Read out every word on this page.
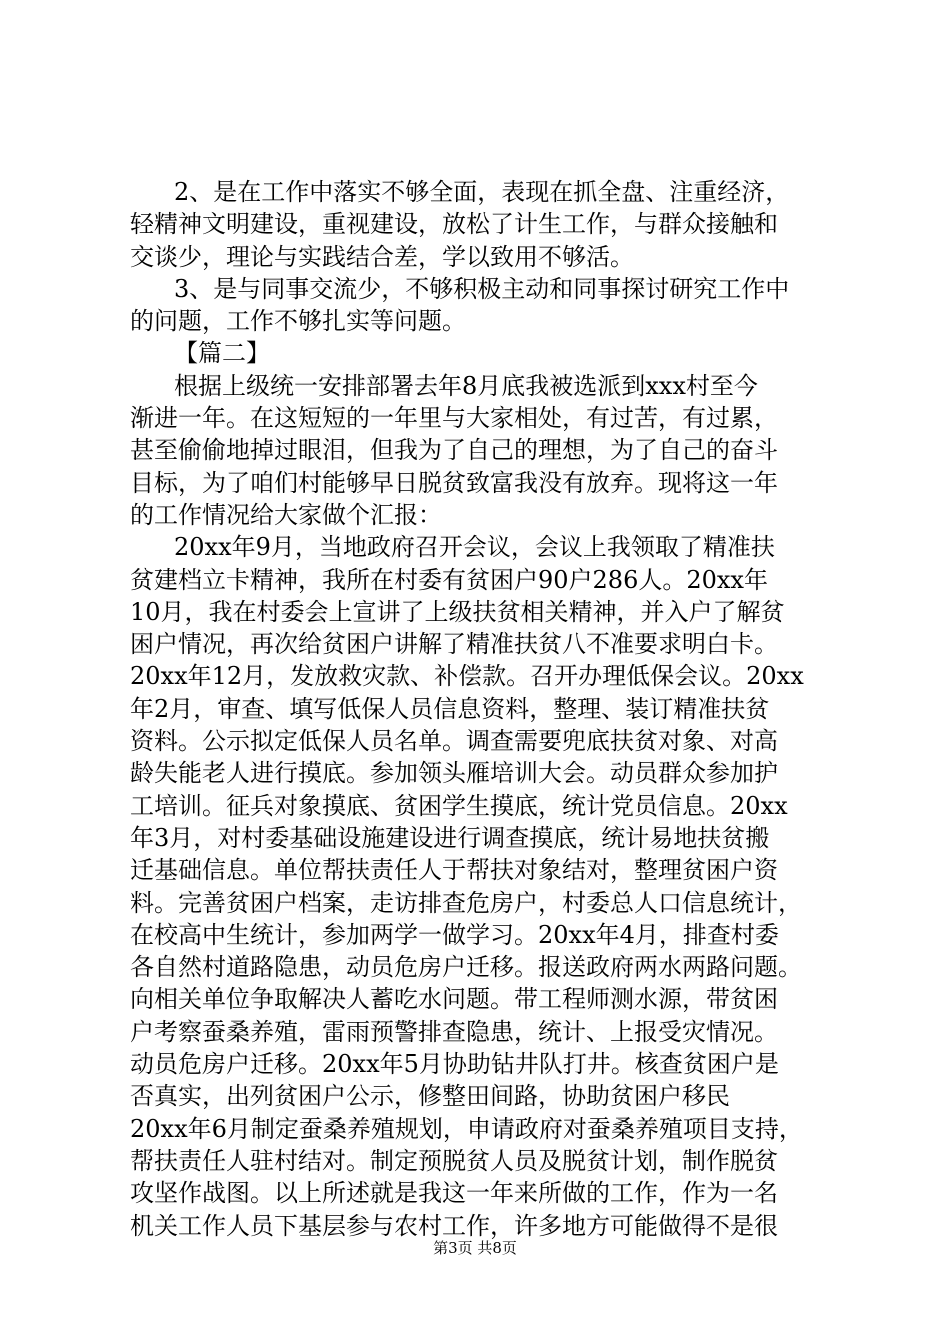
2、是在工作中落实不够全面，表现在抓全盘、注重经济，
轻精神文明建设，重视建设，放松了计生工作，与群众接触和
交谈少，理论与实践结合差，学以致用不够活。
3、是与同事交流少，不够积极主动和同事探讨研究工作中
的问题，工作不够扎实等问题。
【篇二】
根据上级统一安排部署去年8月底我被选派到xxx村至今
渐进一年。在这短短的一年里与大家相处，有过苦，有过累，
甚至偷偷地掉过眼泪，但我为了自己的理想，为了自己的奋斗
目标，为了咱们村能够早日脱贫致富我没有放弃。现将这一年
的工作情况给大家做个汇报：
20xx年9月，当地政府召开会议，会议上我领取了精准扶
贫建档立卡精神，我所在村委有贫困户90户286人。20xx年
10月，我在村委会上宣讲了上级扶贫相关精神，并入户了解贫
困户情况，再次给贫困户讲解了精准扶贫八不准要求明白卡。
20xx年12月，发放救灾款、补偿款。召开办理低保会议。20xx
年2月，审查、填写低保人员信息资料，整理、装订精准扶贫
资料。公示拟定低保人员名单。调查需要兜底扶贫对象、对高
龄失能老人进行摸底。参加领头雁培训大会。动员群众参加护
工培训。征兵对象摸底、贫困学生摸底，统计党员信息。20xx
年3月，对村委基础设施建设进行调查摸底，统计易地扶贫搬
迁基础信息。单位帮扶责任人于帮扶对象结对，整理贫困户资
料。完善贫困户档案，走访排查危房户，村委总人口信息统计，
在校高中生统计，参加两学一做学习。20xx年4月，排查村委
各自然村道路隐患，动员危房户迁移。报送政府两水两路问题。
向相关单位争取解决人蓄吃水问题。带工程师测水源，带贫困
户考察蚕桑养殖，雷雨预警排查隐患，统计、上报受灾情况。
动员危房户迁移。20xx年5月协助钻井队打井。核查贫困户是
否真实，出列贫困户公示，修整田间路，协助贫困户移民
20xx年6月制定蚕桑养殖规划，申请政府对蚕桑养殖项目支持，
帮扶责任人驻村结对。制定预脱贫人员及脱贫计划，制作脱贫
攻坚作战图。以上所述就是我这一年来所做的工作，作为一名
机关工作人员下基层参与农村工作，许多地方可能做得不是很
第3页 共8页
